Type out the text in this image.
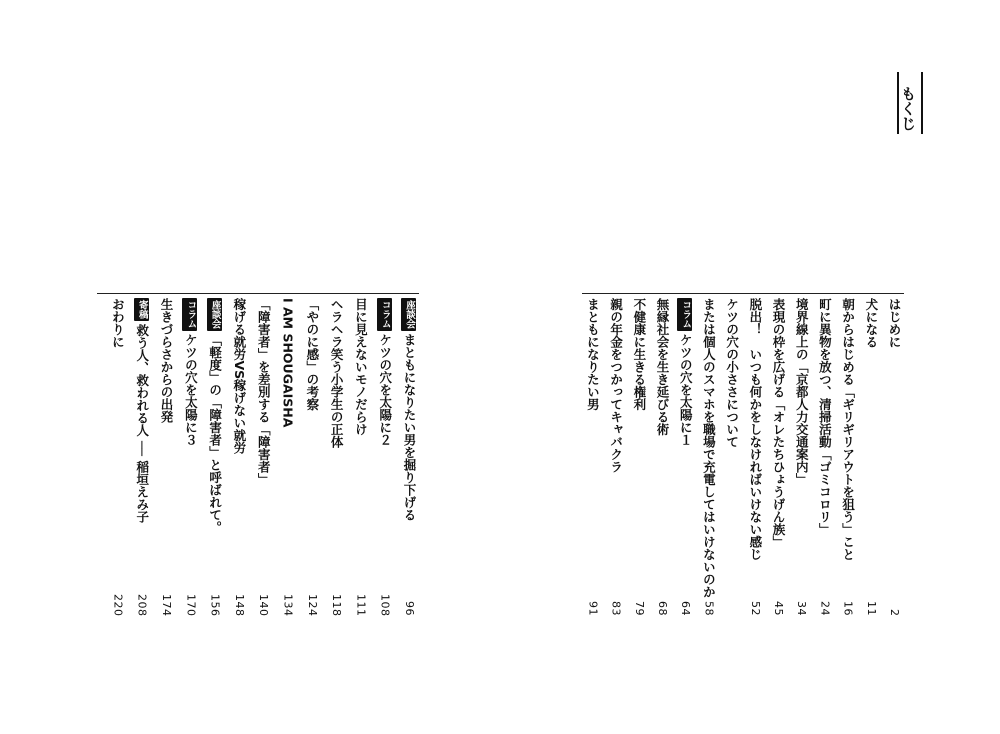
もくじ
はじめに
2
犬になる
11
朝からはじめる「ギリギリアウトを狙う」こと
16
町に異物を放つ、清掃活動「ゴミコロリ」
24
境界線上の「京都人力交通案内」
34
表現の枠を広げる「オレたちひょうげん族」
45
脱出！　いつも何かをしなければいけない感じ
52
ケツの穴の小ささについて
または個人のスマホを職場で充電してはいけないのか
58
コラムケツの穴を太陽に１
64
無縁社会を生き延びる術
68
不健康に生きる権利
79
親の年金をつかってキャバクラ
83
まともになりたい男
91
座談会まともになりたい男を掘り下げる
96
コラムケツの穴を太陽に２
108
目に見えないモノだらけ
111
ヘラヘラ笑う小学生の正体
118
「やのに感」の考察
124
I AM SHOUGAISHA
134
「障害者」を差別する「障害者」
140
稼げる就労VS稼げない就労
148
座談会「軽度」の「障害者」と呼ばれて。
156
コラムケツの穴を太陽に３
170
生きづらさからの出発
174
寄稿救う人、救われる人 ── 稲垣えみ子
208
おわりに
220
